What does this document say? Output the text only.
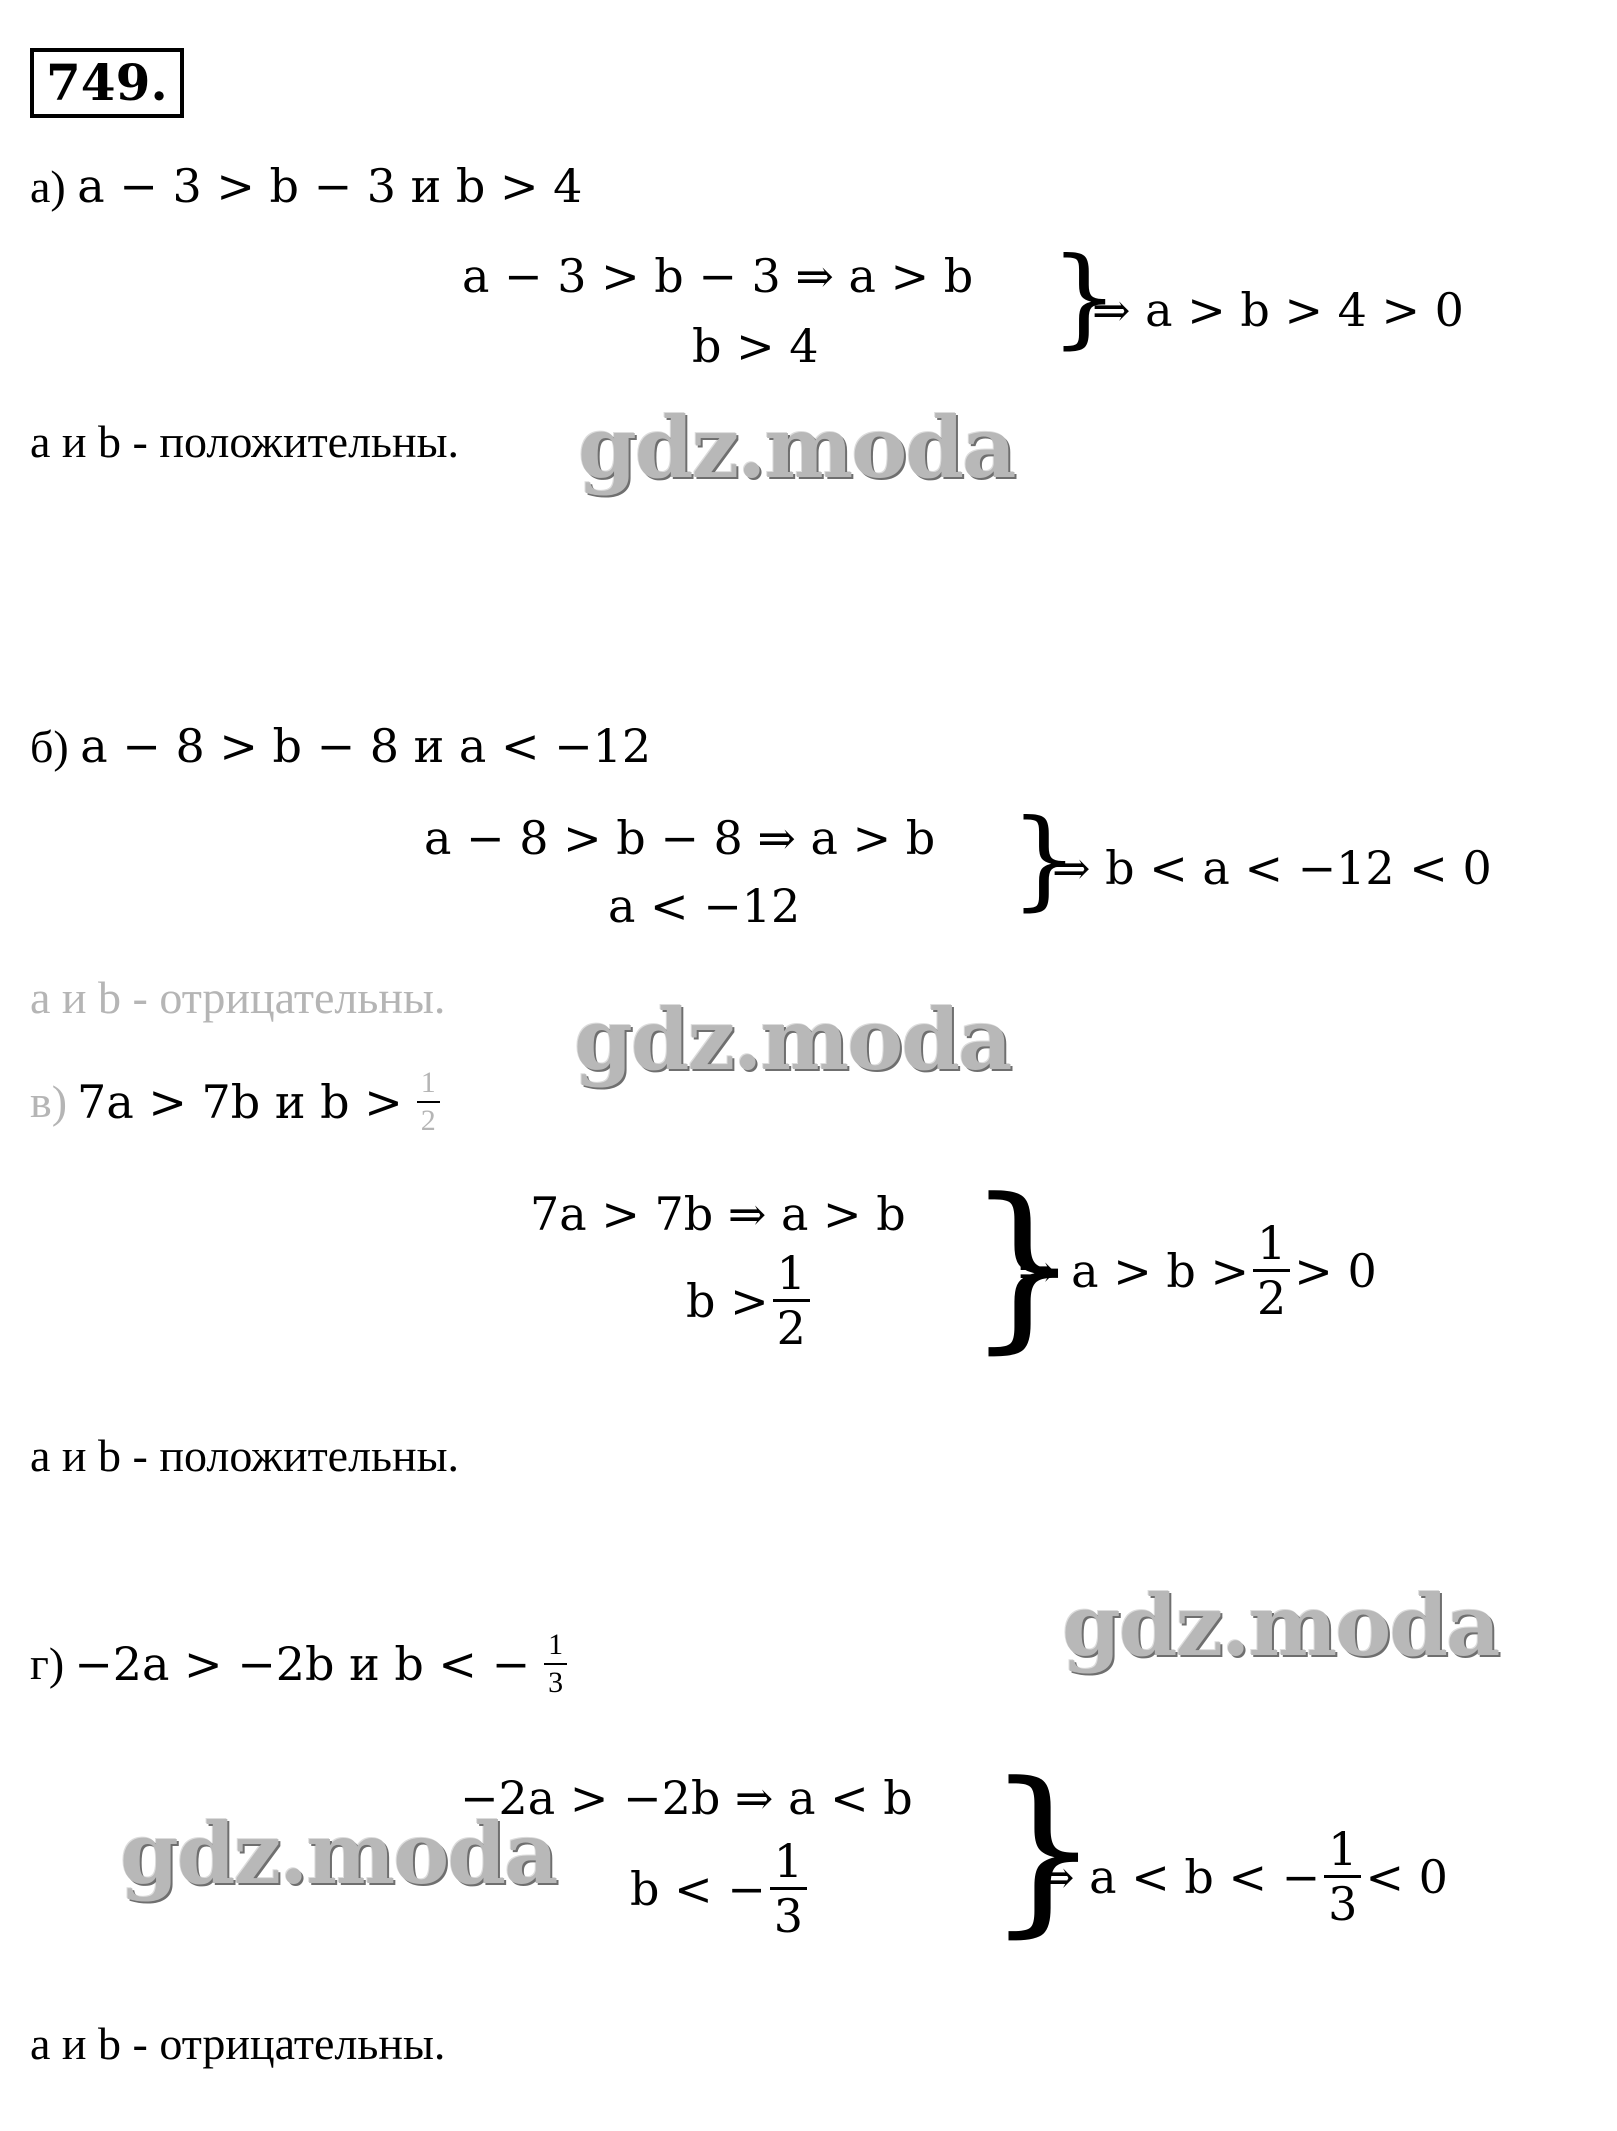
749.
а) a − 3 > b − 3 и b > 4
a − 3 > b − 3 ⇒ a > b
b > 4 }
⇒ a > b > 4 > 0
a и b - положительны. gdz.moda
б) a − 8 > b − 8 и a < −12
a − 8 > b − 8 ⇒ a > b
a < −12 }
⇒ b < a < −12 < 0
a и b - отрицательны. gdz.moda
в) 7a > 7b и $b > \frac{1}{2}$
7a > 7b ⇒ a > b
$b > \frac{1}{2}$ }
⇒ $a > b > \frac{1}{2} > 0$
a и b - положительны.
gdz.moda
г) −2a > −2b и b < − $\frac{1}{3}$
−2a > −2b ⇒ a < b
gdz.moda b < − $\frac{1}{3}$ }
⇒ a < b < − $\frac{1}{3} < 0$
a и b - отрицательны.
